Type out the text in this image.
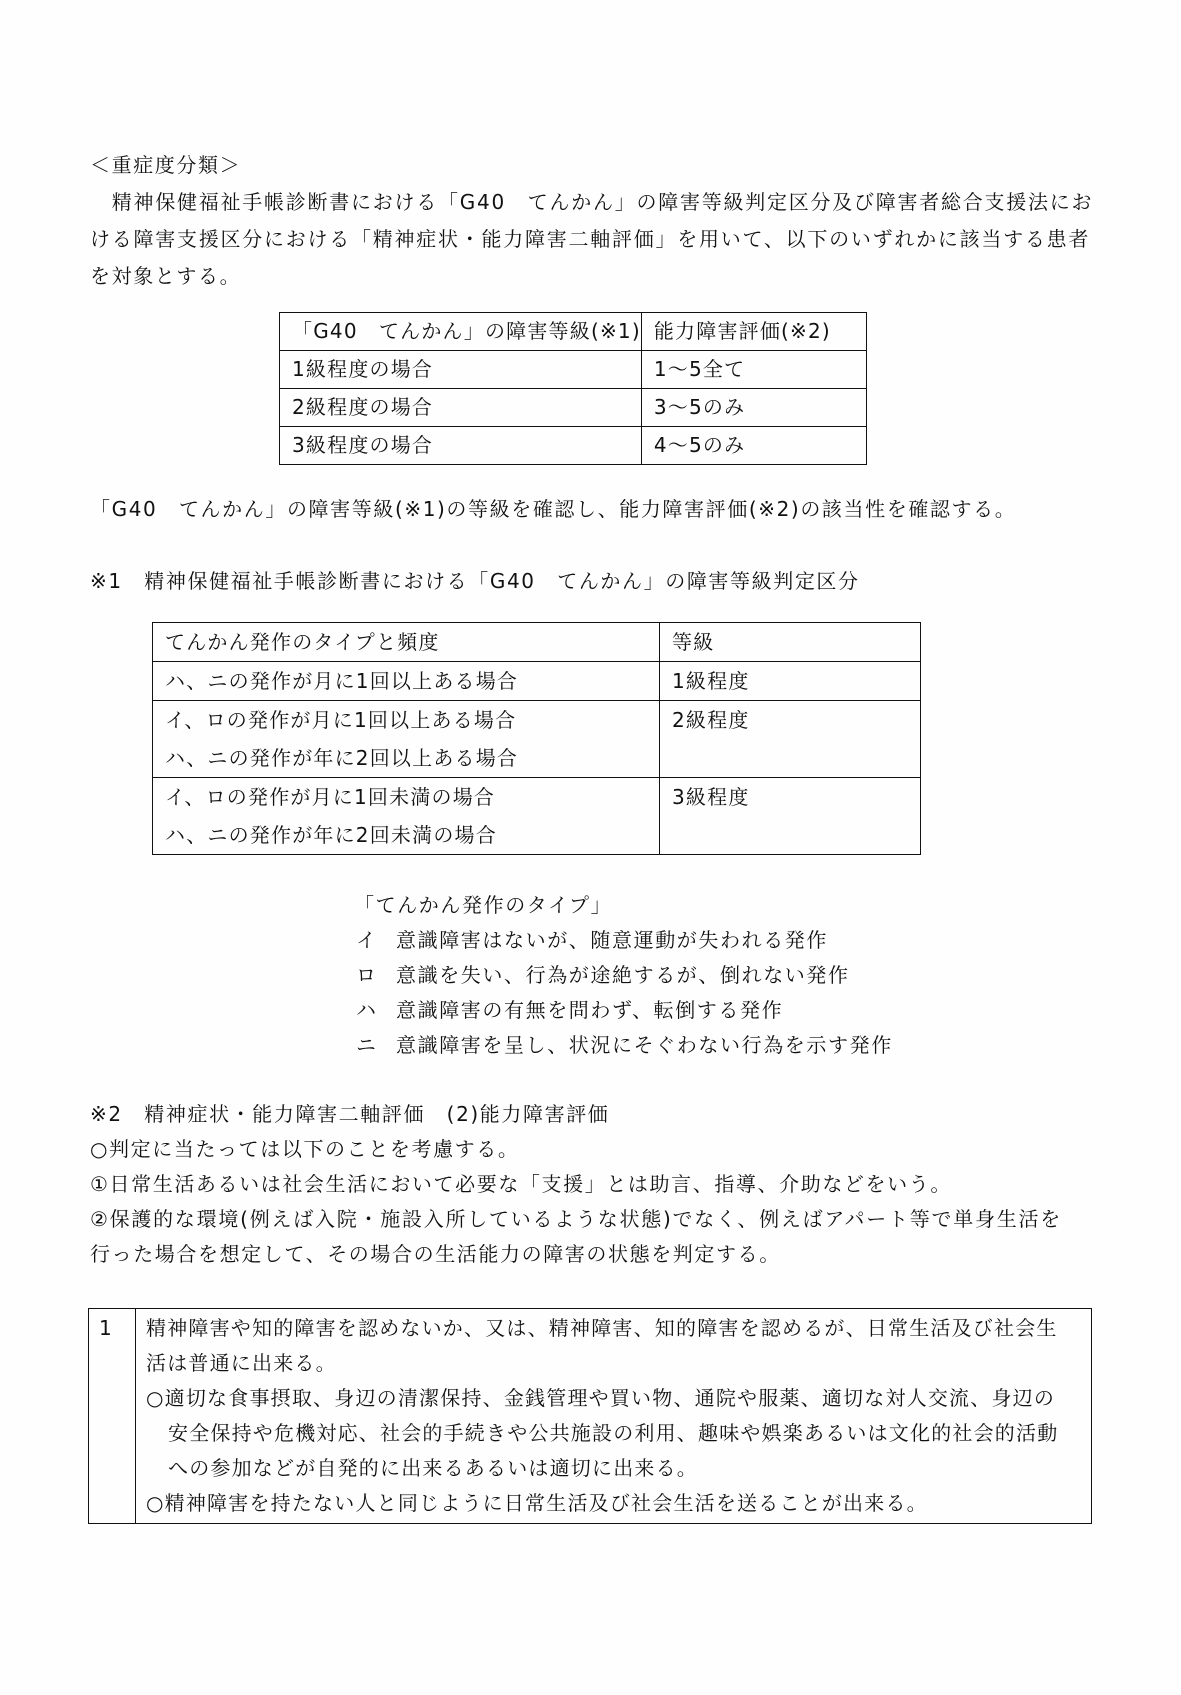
＜重症度分類＞
　精神保健福祉手帳診断書における「G40　てんかん」の障害等級判定区分及び障害者総合支援法にお
ける障害支援区分における「精神症状・能力障害二軸評価」を用いて、以下のいずれかに該当する患者
を対象とする。
「G40　てんかん」の障害等級(※1)	能力障害評価(※2)
1級程度の場合	1～5全て
2級程度の場合	3～5のみ
3級程度の場合	4～5のみ
「G40　てんかん」の障害等級(※1)の等級を確認し、能力障害評価(※2)の該当性を確認する。
※1　精神保健福祉手帳診断書における「G40　てんかん」の障害等級判定区分
てんかん発作のタイプと頻度	等級
ハ、ニの発作が月に1回以上ある場合	1級程度

イ、ロの発作が月に1回以上ある場合
ハ、ニの発作が年に2回以上ある場合	2級程度

イ、ロの発作が月に1回未満の場合
ハ、ニの発作が年に2回未満の場合	3級程度
「てんかん発作のタイプ」
イ 意識障害はないが、随意運動が失われる発作
ロ 意識を失い、行為が途絶するが、倒れない発作
ハ 意識障害の有無を問わず、転倒する発作
ニ 意識障害を呈し、状況にそぐわない行為を示す発作
※2　精神症状・能力障害二軸評価　(2)能力障害評価
○判定に当たっては以下のことを考慮する。
①日常生活あるいは社会生活において必要な「支援」とは助言、指導、介助などをいう。
②保護的な環境(例えば入院・施設入所しているような状態)でなく、例えばアパート等で単身生活を
行った場合を想定して、その場合の生活能力の障害の状態を判定する。
1	精神障害や知的障害を認めないか、又は、精神障害、知的障害を認めるが、日常生活及び社会生
活は普通に出来る。
○適切な食事摂取、身辺の清潔保持、金銭管理や買い物、通院や服薬、適切な対人交流、身辺の
安全保持や危機対応、社会的手続きや公共施設の利用、趣味や娯楽あるいは文化的社会的活動
への参加などが自発的に出来るあるいは適切に出来る。
○精神障害を持たない人と同じように日常生活及び社会生活を送ることが出来る。
